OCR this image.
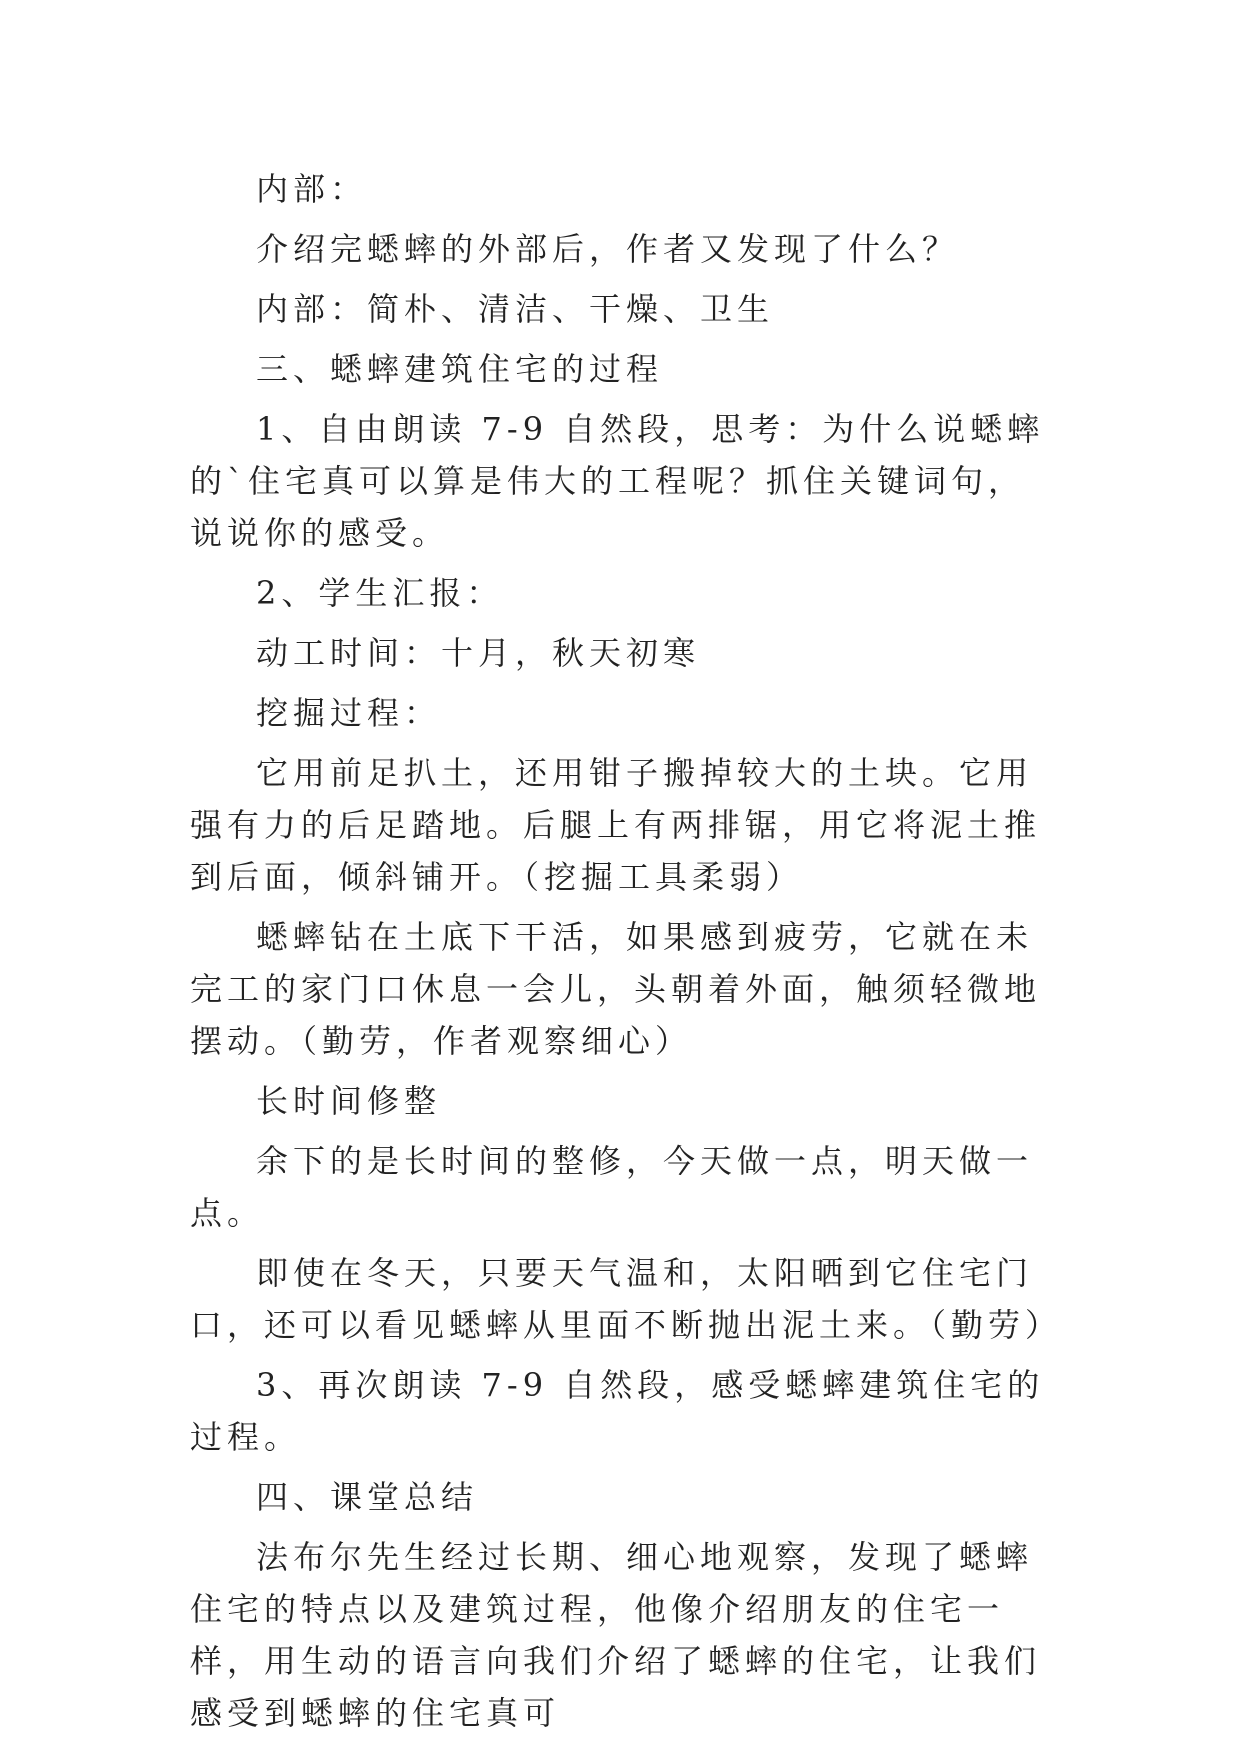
内部：

介绍完蟋蟀的外部后，作者又发现了什么？

内部：简朴、清洁、干燥、卫生

三、蟋蟀建筑住宅的过程

1、自由朗读 7-9 自然段，思考：为什么说蟋蟀的`住宅真可以算是伟大的工程呢？抓住关键词句，说说你的感受。

2、学生汇报：

动工时间：十月，秋天初寒

挖掘过程：

它用前足扒土，还用钳子搬掉较大的土块。它用强有力的后足踏地。后腿上有两排锯，用它将泥土推到后面，倾斜铺开。（挖掘工具柔弱）

蟋蟀钻在土底下干活，如果感到疲劳，它就在未完工的家门口休息一会儿，头朝着外面，触须轻微地摆动。（勤劳，作者观察细心）

长时间修整

余下的是长时间的整修，今天做一点，明天做一点。

即使在冬天，只要天气温和，太阳晒到它住宅门口，还可以看见蟋蟀从里面不断抛出泥土来。（勤劳）

3、再次朗读 7-9 自然段，感受蟋蟀建筑住宅的过程。

四、课堂总结

法布尔先生经过长期、细心地观察，发现了蟋蟀住宅的特点以及建筑过程，他像介绍朋友的住宅一样，用生动的语言向我们介绍了蟋蟀的住宅，让我们感受到蟋蟀的住宅真可
